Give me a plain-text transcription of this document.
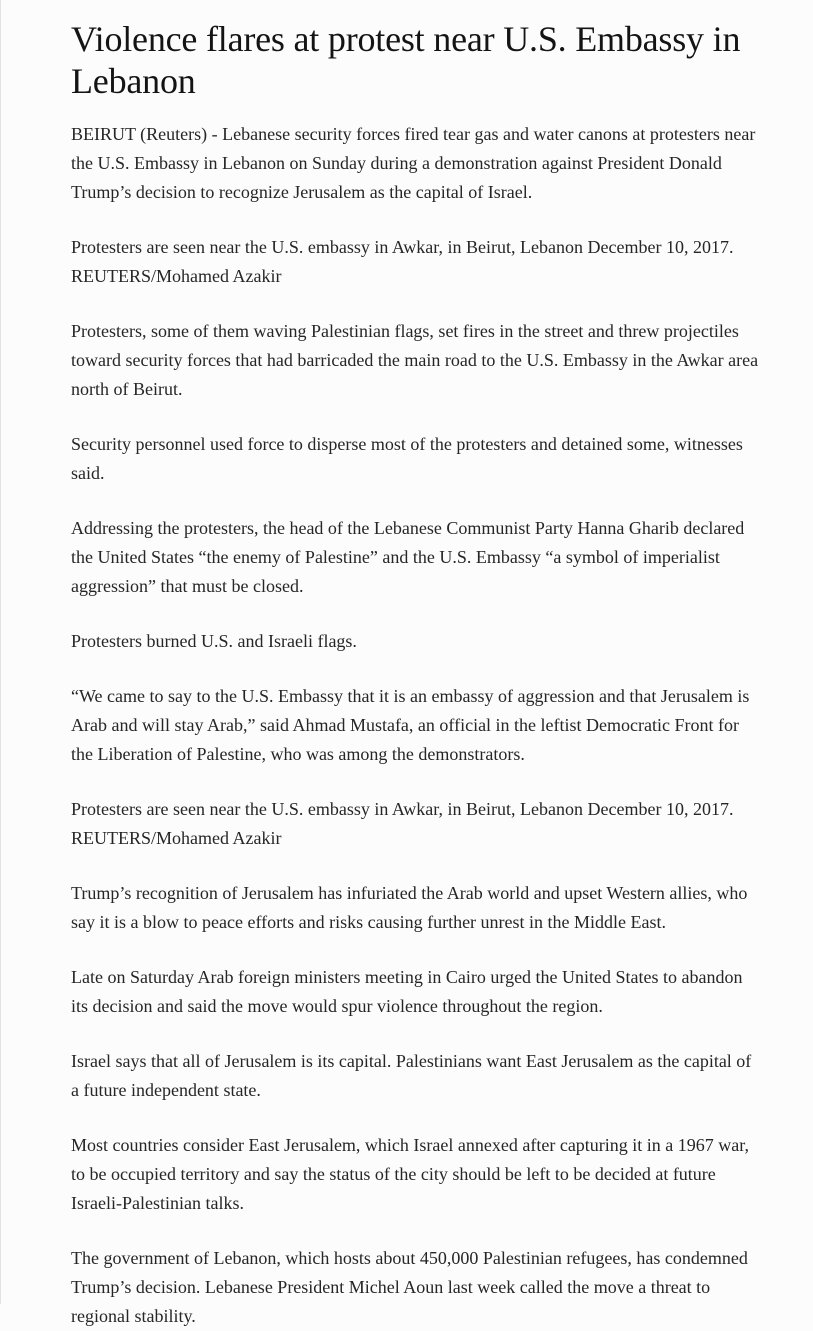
Violence flares at protest near U.S. Embassy in Lebanon

BEIRUT (Reuters) - Lebanese security forces fired tear gas and water canons at protesters near the U.S. Embassy in Lebanon on Sunday during a demonstration against President Donald Trump’s decision to recognize Jerusalem as the capital of Israel.

Protesters are seen near the U.S. embassy in Awkar, in Beirut, Lebanon December 10, 2017. REUTERS/Mohamed Azakir

Protesters, some of them waving Palestinian flags, set fires in the street and threw projectiles toward security forces that had barricaded the main road to the U.S. Embassy in the Awkar area north of Beirut.

Security personnel used force to disperse most of the protesters and detained some, witnesses said.

Addressing the protesters, the head of the Lebanese Communist Party Hanna Gharib declared the United States “the enemy of Palestine” and the U.S. Embassy “a symbol of imperialist aggression” that must be closed.

Protesters burned U.S. and Israeli flags.

“We came to say to the U.S. Embassy that it is an embassy of aggression and that Jerusalem is Arab and will stay Arab,” said Ahmad Mustafa, an official in the leftist Democratic Front for the Liberation of Palestine, who was among the demonstrators.

Protesters are seen near the U.S. embassy in Awkar, in Beirut, Lebanon December 10, 2017. REUTERS/Mohamed Azakir

Trump’s recognition of Jerusalem has infuriated the Arab world and upset Western allies, who say it is a blow to peace efforts and risks causing further unrest in the Middle East.

Late on Saturday Arab foreign ministers meeting in Cairo urged the United States to abandon its decision and said the move would spur violence throughout the region.

Israel says that all of Jerusalem is its capital. Palestinians want East Jerusalem as the capital of a future independent state.

Most countries consider East Jerusalem, which Israel annexed after capturing it in a 1967 war, to be occupied territory and say the status of the city should be left to be decided at future Israeli-Palestinian talks.

The government of Lebanon, which hosts about 450,000 Palestinian refugees, has condemned Trump’s decision. Lebanese President Michel Aoun last week called the move a threat to regional stability.
